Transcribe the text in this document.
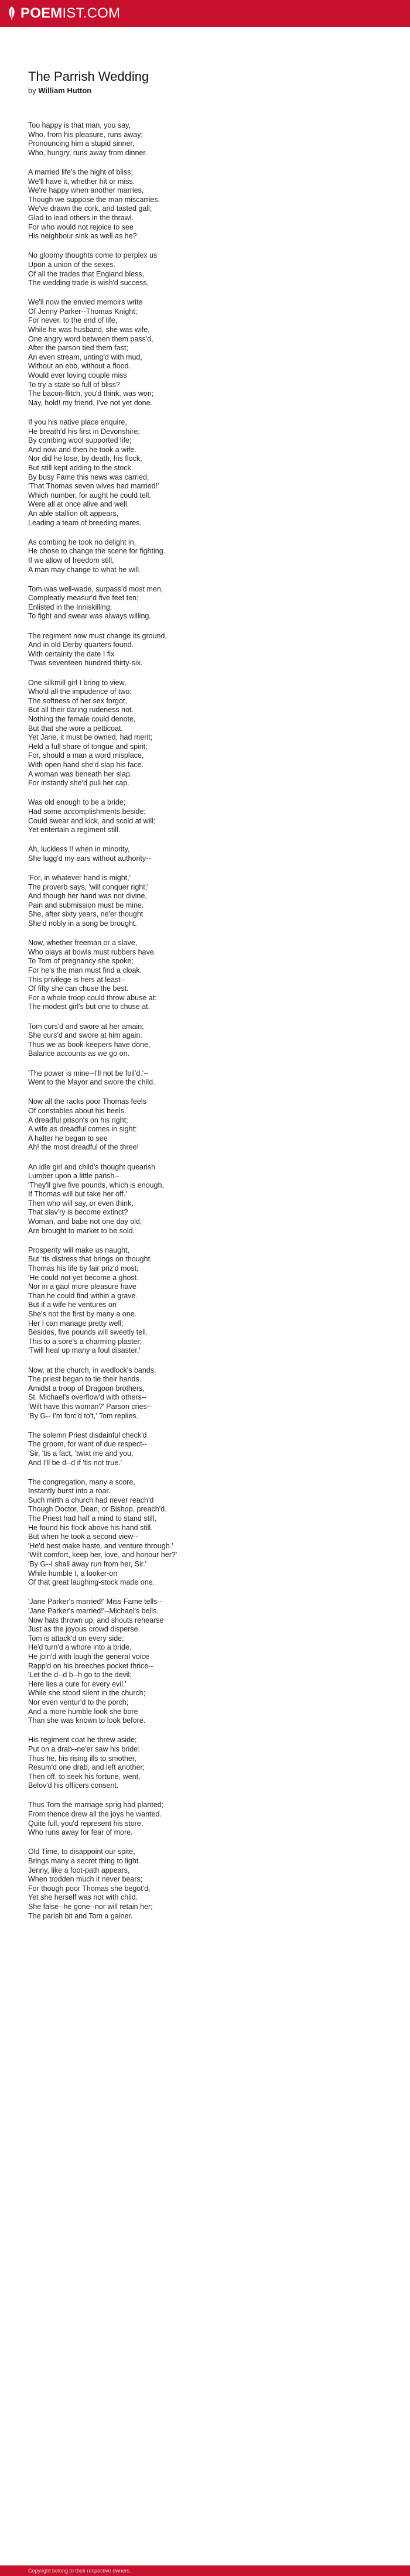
POEM IST.COM
The Parrish Wedding
by William Hutton
Too happy is that man, you say,
Who, from his pleasure, runs away;
Pronouncing him a stupid sinner,
Who, hungry, runs away from dinner.
A married life's the hight of bliss;
We'll have it, whether hit or miss.
We're happy when another marries,
Though we suppose the man miscarries.
We've drawn the cork, and tasted gall;
Glad to lead others in the thrawl.
For who would not rejoice to see
His neighbour sink as well as he?
No gloomy thoughts come to perplex us
Upon a union of the sexes.
Of all the trades that England bless,
The wedding trade is wish'd success,
We'll now the envied memoirs write
Of Jenny Parker--Thomas Knight;
For never, to the end of life,
While he was husband, she was wife,
One angry word between them pass'd,
After the parson tied them fast;
An even stream, unting'd with mud,
Without an ebb, without a flood.
Would ever loving couple miss
To try a state so full of bliss?
The bacon-flitch, you'd think, was won;
Nay, hold! my friend, I've not yet done.
If you his native place enquire,
He breath'd his first in Devonshire;
By combing wool supported life;
And now and then he took a wife.
Nor did he lose, by death, his flock,
But still kept adding to the stock.
By busy Fame this news was carried,
'That Thomas seven wives had married!'
Which number, for aught he could tell,
Were all at once alive and well.
An able stallion oft appears,
Leading a team of breeding mares.
As combing he took no delight in,
He chose to change the scene for fighting.
If we allow of freedom still,
A man may change to what he will.
Tom was well-wade, surpass'd most men,
Compleatly measur'd five feet ten;
Enlisted in the Inniskilling;
To fight and swear was always willing.
The regiment now must change its ground,
And in old Derby quarters found.
With certainty the date I fix
'Twas seventeen hundred thirty-six.
One silkmill girl I bring to view,
Who'd all the impudence of two;
The softness of her sex forgot,
But all their daring rudeness not.
Nothing the female could denote,
But that she wore a petticoat.
Yet Jane, it must be owned, had merit;
Held a full share of tongue and spirit;
For, should a man a word misplace,
With open hand she'd slap his face.
A woman was beneath her slap,
For instantly she'd pull her cap.
Was old enough to be a bride;
Had some accomplishments beside;
Could swear and kick, and scold at will;
Yet entertain a regiment still.
Ah, luckless I! when in minority,
She lugg'd my ears without authority--
'For, in whatever hand is might,'
The proverb says, 'will conquer right;'
And though her hand was not divine,
Pain and submission must be mine.
She, after sixty years, ne'er thought
She'd nobly in a song be brought.
Now, whether freeman or a slave,
Who plays at bowls must rubbers have.
To Tom of pregnancy she spoke;
For he's the man must find a cloak.
This privilege is hers at least--
Of fifty she can chuse the best.
For a whole troop could throw abuse at:
The modest girl's but one to chuse at.
Tom curs'd and swore at her amain;
She curs'd and swore at him again.
Thus we as book-keepers have done,
Balance accounts as we go on.
'The power is mine--I'll not be foil'd.'--
Went to the Mayor and swore the child.
Now all the racks poor Thomas feels
Of constables about his heels.
A dreadful prison's on his right;
A wife as dreadful comes in sight:
A halter he began to see
Ah! the most dreadful of the three!
An idle girl and child's thought quearish
Lumber upon a little parish--
'They'll give five pounds, which is enough,
If Thomas will but take her off.'
Then who will say, or even think,
That slav'ry is become extinct?
Woman, and babe not one day old,
Are brought to market to be sold.
Prosperity will make us naught,
But 'tis distress that brings on thought.
Thomas his life by fair priz'd most;
'He could not yet become a ghost.
Nor in a gaol more pleasure have
Than he could find within a grave.
But if a wife he ventures on
She's not the first by many a one.
Her I can manage pretty well;
Besides, five pounds will sweetly tell.
This to a sore's a charming plaster;
'Twill heal up many a foul disaster,'
Now, at the church, in wedlock's bands,
The priest began to tie their hands.
Amidst a troop of Dragoon brothers,
St. Michael's overflow'd with others--
'Wilt have this woman?' Parson cries--
'By G-- I'm forc'd to't,' Tom replies.
The solemn Priest disdainful check'd
The groom, for want of due respect--
'Sir, 'tis a fact, 'twixt me and you;
And I'll be d--d if 'tis not true.'
The congregation, many a score,
Instantly burst into a roar.
Such mirth a church had never reach'd
Though Doctor, Dean, or Bishop, preach'd.
The Priest had half a mind to stand still,
He found his flock above his hand still.
But when he took a second view--
'He'd best make haste, and venture through.'
'Wilt comfort, keep her, love, and honour her?'
'By G--I shall away run from her, Sir.'
While humble I, a looker-on
Of that great laughing-stock made one.
'Jane Parker's married!' Miss Fame tells--
'Jane Parker's married!'--Michael's bells.
Now hats thrown up, and shouts rehearse
Just as the joyous crowd disperse.
Tom is attack'd on every side;
He'd turn'd a whore into a bride.
He join'd with laugh the general voice
Rapp'd on his breeches pocket thrice--
'Let the d--d b--h go to the devil;
Here lies a cure for every evil.'
While she stood silent in the church;
Nor even ventur'd to the porch;
And a more humble look she bore
Than she was known to look before.
His regiment coat he threw aside;
Put on a drab--ne'er saw his bride:
Thus he, his rising ills to smother,
Resum'd one drab, and left another;
Then off, to seek his fortune, went,
Belov'd his officers consent.
Thus Tom the marriage sprig had planted;
From thence drew all the joys he wanted.
Quite full, you'd represent his store,
Who runs away for fear of more.
Old Time, to disappoint our spite,
Brings many a secret thing to light.
Jenny, like a foot-path appears,
When trodden much it never bears;
For though poor Thomas she begot'd,
Yet she herself was not with child.
She false--he gone--nor will retain her;
The parish bit and Tom a gainer.
Copyright belong to their respective owners.
